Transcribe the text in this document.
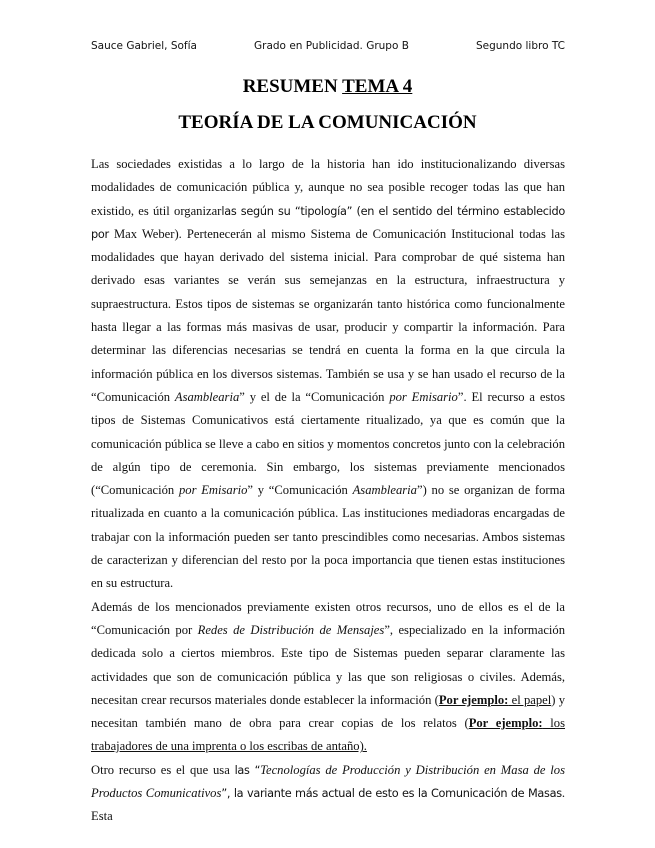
Sauce Gabriel, Sofía	Grado en Publicidad. Grupo B	Segundo libro TC
RESUMEN TEMA 4
TEORÍA DE LA COMUNICACIÓN

Las sociedades existidas a lo largo de la historia han ido institucionalizando diversas modalidades de comunicación pública y, aunque no sea posible recoger todas las que han existido, es útil organizarlas según su “tipología” (en el sentido del término establecido por Max Weber). Pertenecerán al mismo Sistema de Comunicación Institucional todas las modalidades que hayan derivado del sistema inicial. Para comprobar de qué sistema han derivado esas variantes se verán sus semejanzas en la estructura, infraestructura y supraestructura. Estos tipos de sistemas se organizarán tanto histórica como funcionalmente hasta llegar a las formas más masivas de usar, producir y compartir la información. Para determinar las diferencias necesarias se tendrá en cuenta la forma en la que circula la información pública en los diversos sistemas. También se usa y se han usado el recurso de la “Comunicación Asamblearia” y el de la “Comunicación por Emisario”. El recurso a estos tipos de Sistemas Comunicativos está ciertamente ritualizado, ya que es común que la comunicación pública se lleve a cabo en sitios y momentos concretos junto con la celebración de algún tipo de ceremonia. Sin embargo, los sistemas previamente mencionados (“Comunicación por Emisario” y “Comunicación Asamblearia”) no se organizan de forma ritualizada en cuanto a la comunicación pública. Las instituciones mediadoras encargadas de trabajar con la información pueden ser tanto prescindibles como necesarias. Ambos sistemas de caracterizan y diferencian del resto por la poca importancia que tienen estas instituciones en su estructura.

Además de los mencionados previamente existen otros recursos, uno de ellos es el de la “Comunicación por Redes de Distribución de Mensajes”, especializado en la información dedicada solo a ciertos miembros. Este tipo de Sistemas pueden separar claramente las actividades que son de comunicación pública y las que son religiosas o civiles. Además, necesitan crear recursos materiales donde establecer la información (Por ejemplo: el papel) y necesitan también mano de obra para crear copias de los relatos (Por ejemplo: los trabajadores de una imprenta o los escribas de antaño).

Otro recurso es el que usa las “Tecnologías de Producción y Distribución en Masa de los Productos Comunicativos”, la variante más actual de esto es la Comunicación de Masas. Esta
